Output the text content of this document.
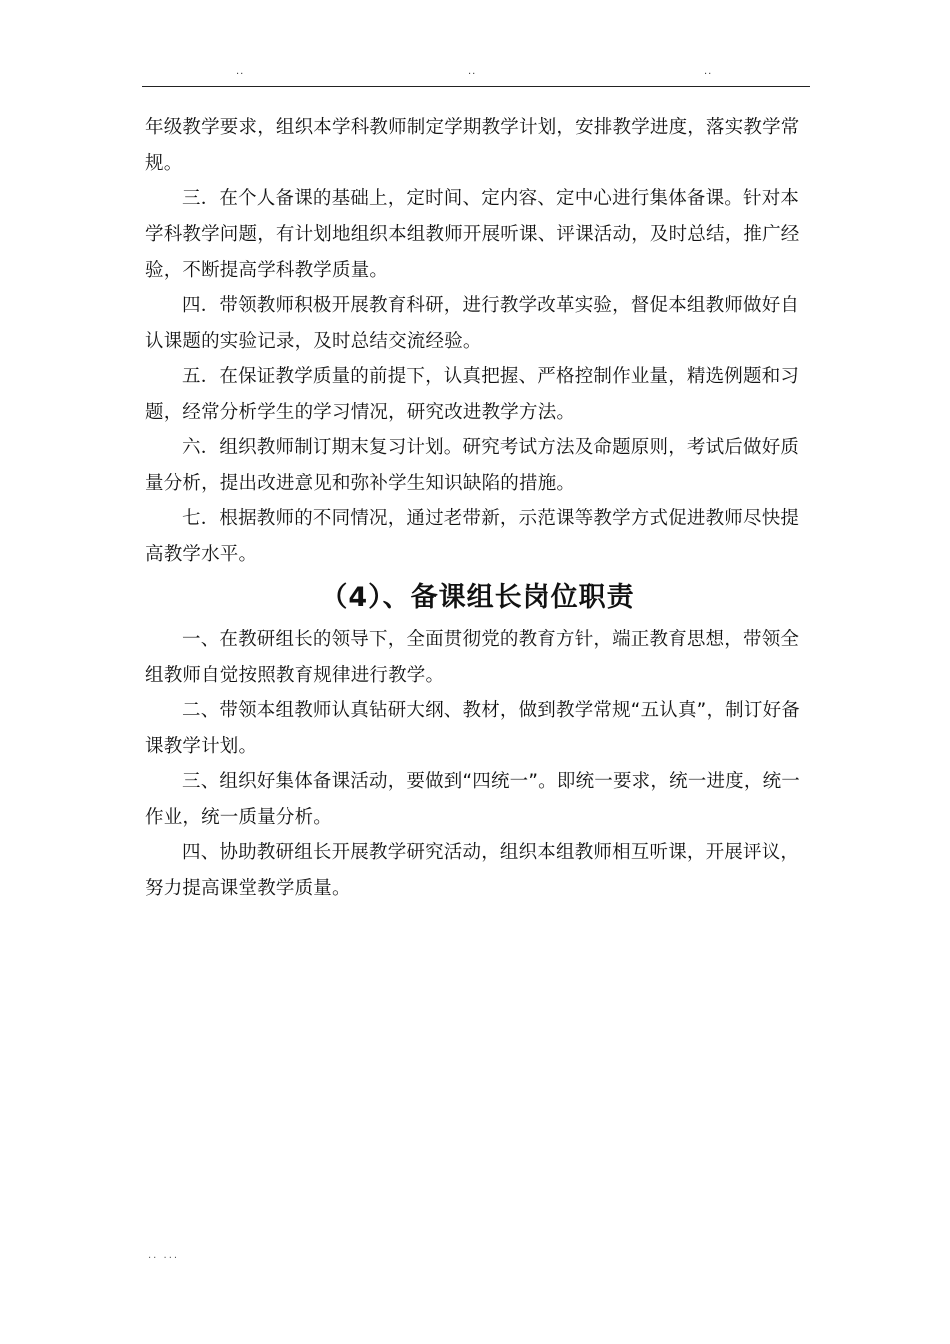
..	..	..

年级教学要求，组织本学科教师制定学期教学计划，安排教学进度，落实教学常规。

三．在个人备课的基础上，定时间、定内容、定中心进行集体备课。针对本学科教学问题，有计划地组织本组教师开展听课、评课活动，及时总结，推广经验，不断提高学科教学质量。

四．带领教师积极开展教育科研，进行教学改革实验，督促本组教师做好自认课题的实验记录，及时总结交流经验。

五．在保证教学质量的前提下，认真把握、严格控制作业量，精选例题和习题，经常分析学生的学习情况，研究改进教学方法。

六．组织教师制订期末复习计划。研究考试方法及命题原则，考试后做好质量分析，提出改进意见和弥补学生知识缺陷的措施。

七．根据教师的不同情况，通过老带新，示范课等教学方式促进教师尽快提高教学水平。

（4）、备课组长岗位职责

一、在教研组长的领导下，全面贯彻党的教育方针，端正教育思想，带领全组教师自觉按照教育规律进行教学。

二、带领本组教师认真钻研大纲、教材，做到教学常规“五认真”，制订好备课教学计划。

三、组织好集体备课活动，要做到“四统一”。即统一要求，统一进度，统一作业，统一质量分析。

四、协助教研组长开展教学研究活动，组织本组教师相互听课，开展评议，努力提高课堂教学质量。

.. ...
